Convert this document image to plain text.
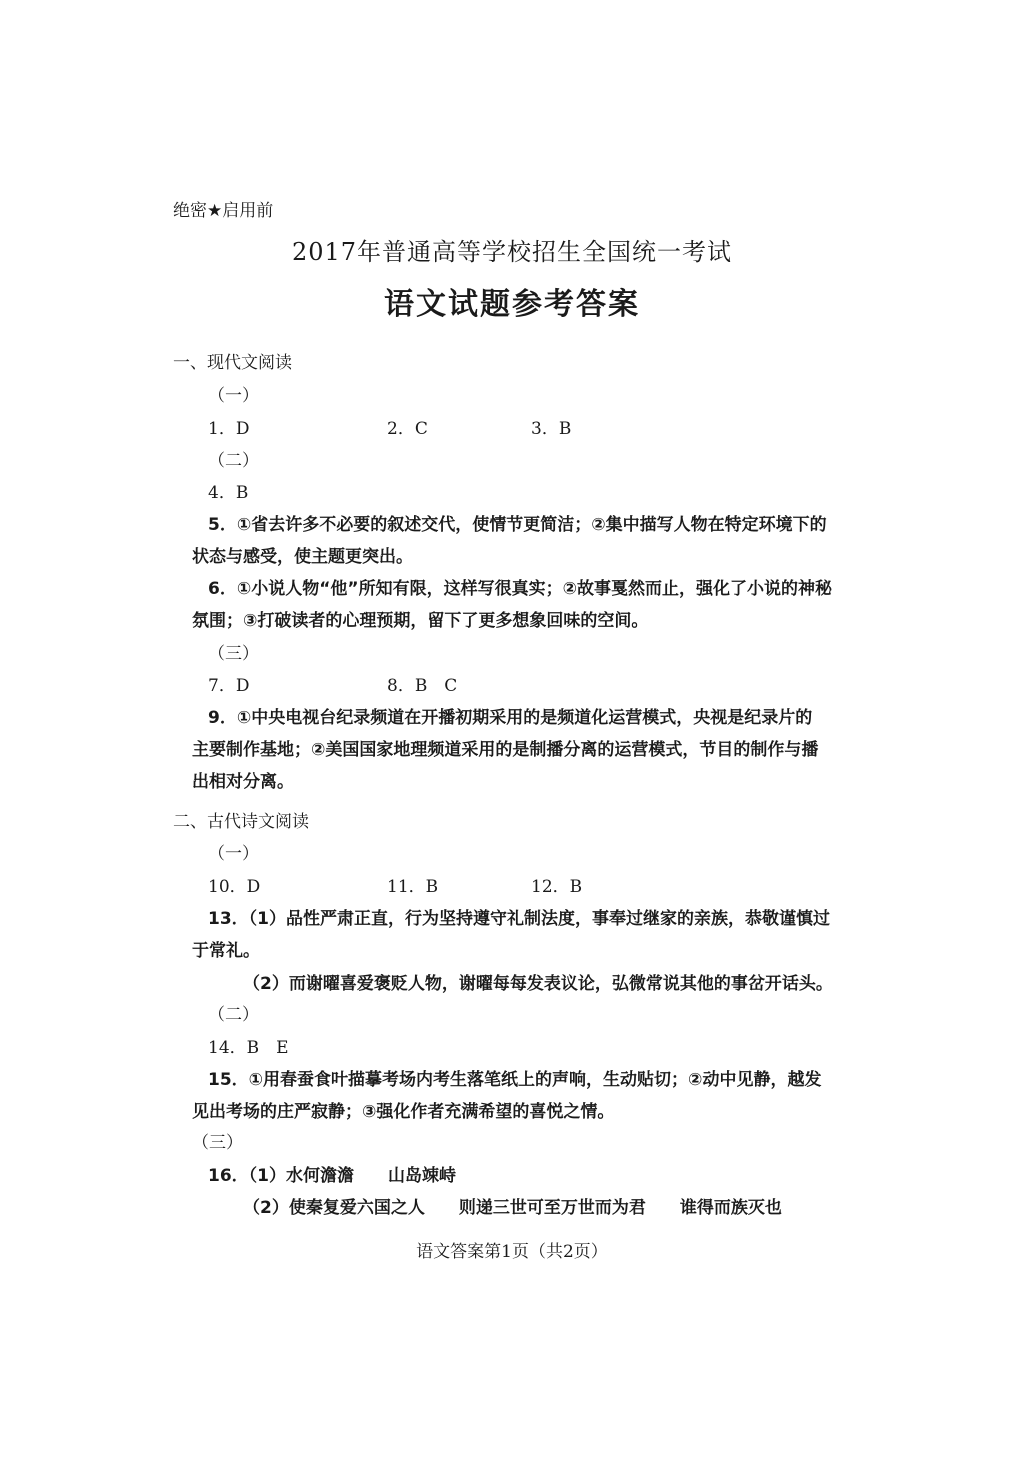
绝密★启用前
2017年普通高等学校招生全国统一考试
语文试题参考答案
一、现代文阅读
（一）
1．D	2．C	3．B
（二）
4．B
5．①省去许多不必要的叙述交代，使情节更简洁；②集中描写人物在特定环境下的
状态与感受，使主题更突出。
6．①小说人物“他”所知有限，这样写很真实；②故事戛然而止，强化了小说的神秘
氛围；③打破读者的心理预期，留下了更多想象回味的空间。
（三）
7．D	8．B　C
9．①中央电视台纪录频道在开播初期采用的是频道化运营模式，央视是纪录片的
主要制作基地；②美国国家地理频道采用的是制播分离的运营模式，节目的制作与播
出相对分离。
二、古代诗文阅读
（一）
10．D	11．B	12．B
13．（1）品性严肃正直，行为坚持遵守礼制法度，事奉过继家的亲族，恭敬谨慎过
于常礼。
（2）而谢曜喜爱褒贬人物，谢曜每每发表议论，弘微常说其他的事岔开话头。
（二）
14．B　E
15．①用春蚕食叶描摹考场内考生落笔纸上的声响，生动贴切；②动中见静，越发
见出考场的庄严寂静；③强化作者充满希望的喜悦之情。
（三）
16．（1）水何澹澹　　山岛竦峙
（2）使秦复爱六国之人　　则递三世可至万世而为君　　谁得而族灭也
语文答案第1页（共2页）
